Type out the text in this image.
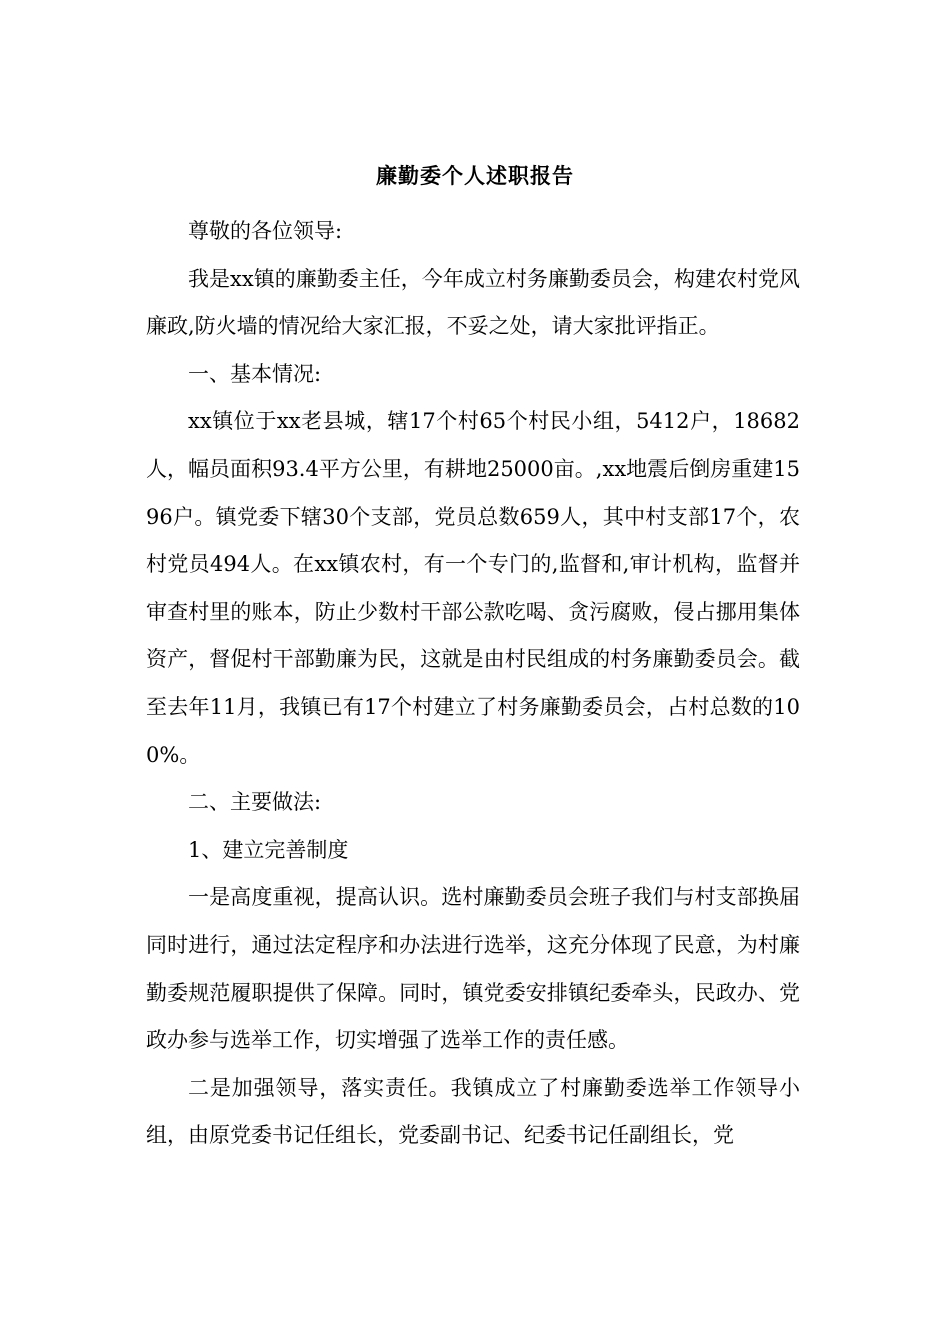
廉勤委个人述职报告

尊敬的各位领导:

我是xx镇的廉勤委主任，今年成立村务廉勤委员会，构建农村党风廉政,防火墙的情况给大家汇报，不妥之处，请大家批评指正。

一、基本情况:

xx镇位于xx老县城，辖17个村65个村民小组，5412户，18682人，幅员面积93.4平方公里，有耕地25000亩。,xx地震后倒房重建1596户。镇党委下辖30个支部，党员总数659人，其中村支部17个，农村党员494人。在xx镇农村，有一个专门的,监督和,审计机构，监督并审查村里的账本，防止少数村干部公款吃喝、贪污腐败，侵占挪用集体资产，督促村干部勤廉为民，这就是由村民组成的村务廉勤委员会。截至去年11月，我镇已有17个村建立了村务廉勤委员会，占村总数的100%。

二、主要做法:

1、建立完善制度

一是高度重视，提高认识。选村廉勤委员会班子我们与村支部换届同时进行，通过法定程序和办法进行选举，这充分体现了民意，为村廉勤委规范履职提供了保障。同时，镇党委安排镇纪委牵头，民政办、党政办参与选举工作，切实增强了选举工作的责任感。

二是加强领导，落实责任。我镇成立了村廉勤委选举工作领导小组，由原党委书记任组长，党委副书记、纪委书记任副组长，党
